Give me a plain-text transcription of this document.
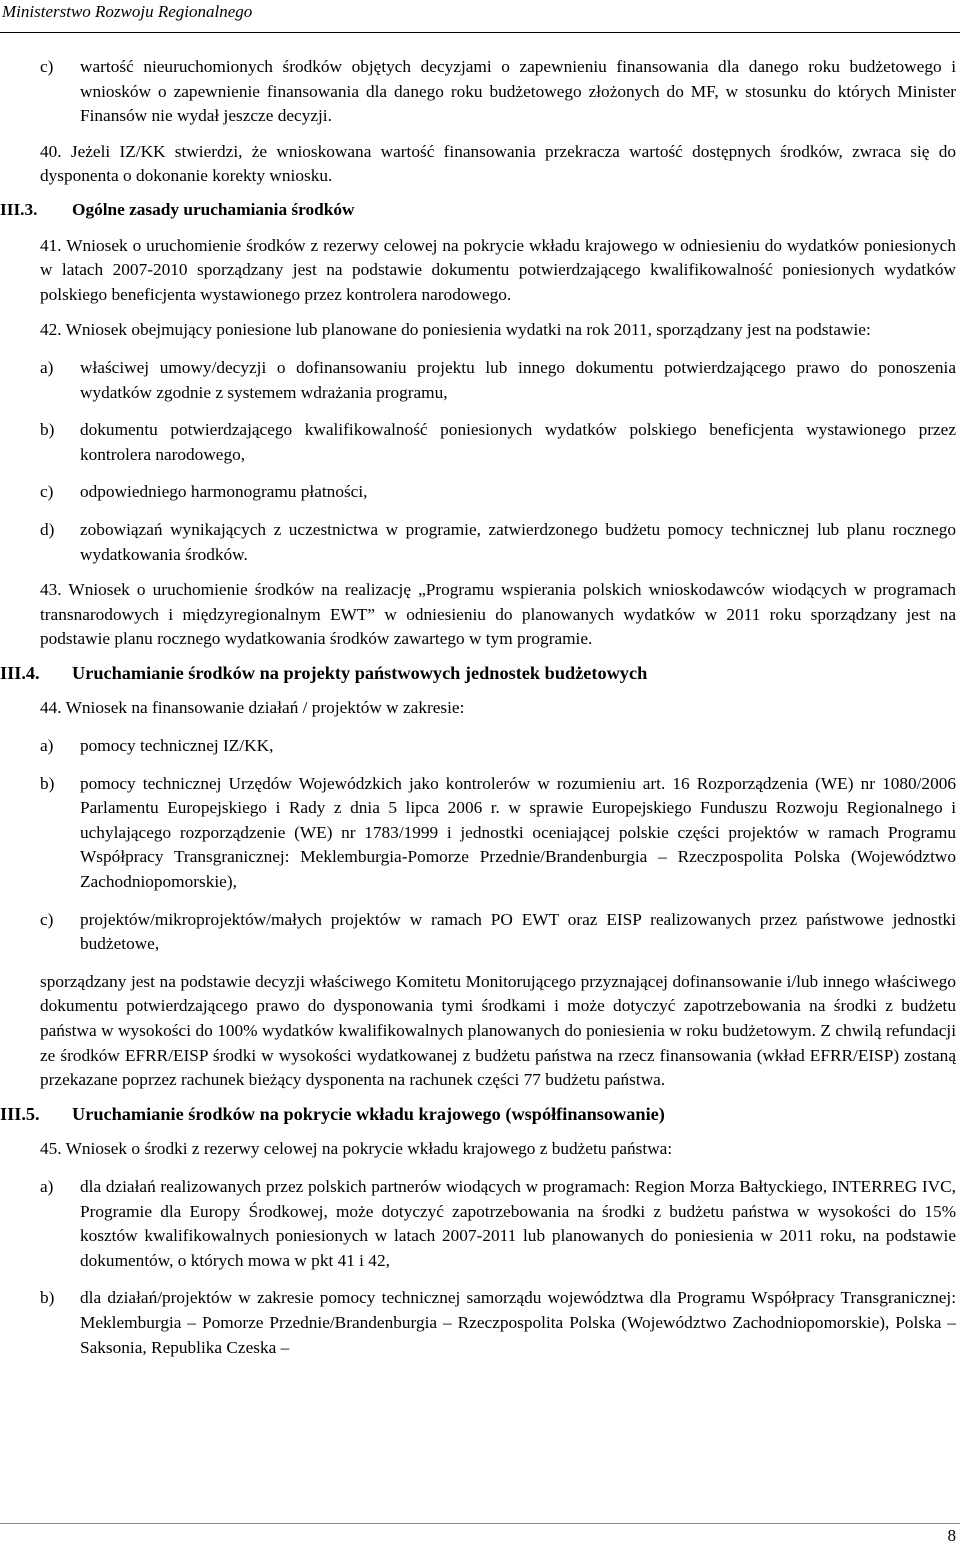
Ministerstwo Rozwoju Regionalnego
c) wartość nieuruchomionych środków objętych decyzjami o zapewnieniu finansowania dla danego roku budżetowego i wniosków o zapewnienie finansowania dla danego roku budżetowego złożonych do MF, w stosunku do których Minister Finansów nie wydał jeszcze decyzji.
40. Jeżeli IZ/KK stwierdzi, że wnioskowana wartość finansowania przekracza wartość dostępnych środków, zwraca się do dysponenta o dokonanie korekty wniosku.
III.3. Ogólne zasady uruchamiania środków
41. Wniosek o uruchomienie środków z rezerwy celowej na pokrycie wkładu krajowego w odniesieniu do wydatków poniesionych w latach 2007-2010 sporządzany jest na podstawie dokumentu potwierdzającego kwalifikowalność poniesionych wydatków polskiego beneficjenta wystawionego przez kontrolera narodowego.
42. Wniosek obejmujący poniesione lub planowane do poniesienia wydatki na rok 2011, sporządzany jest na podstawie:
a) właściwej umowy/decyzji o dofinansowaniu projektu lub innego dokumentu potwierdzającego prawo do ponoszenia wydatków zgodnie z systemem wdrażania programu,
b) dokumentu potwierdzającego kwalifikowalność poniesionych wydatków polskiego beneficjenta wystawionego przez kontrolera narodowego,
c) odpowiedniego harmonogramu płatności,
d) zobowiązań wynikających z uczestnictwa w programie, zatwierdzonego budżetu pomocy technicznej lub planu rocznego wydatkowania środków.
43. Wniosek o uruchomienie środków na realizację „Programu wspierania polskich wnioskodawców wiodących w programach transnarodowych i międzyregionalnym EWT” w odniesieniu do planowanych wydatków w 2011 roku sporządzany jest na podstawie planu rocznego wydatkowania środków zawartego w tym programie.
III.4. Uruchamianie środków na projekty państwowych jednostek budżetowych
44. Wniosek na finansowanie działań / projektów w zakresie:
a) pomocy technicznej IZ/KK,
b) pomocy technicznej Urzędów Wojewódzkich jako kontrolerów w rozumieniu art. 16 Rozporządzenia (WE) nr 1080/2006 Parlamentu Europejskiego i Rady z dnia 5 lipca 2006 r. w sprawie Europejskiego Funduszu Rozwoju Regionalnego i uchylającego rozporządzenie (WE) nr 1783/1999 i jednostki oceniającej polskie części projektów w ramach Programu Współpracy Transgranicznej: Meklemburgia-Pomorze Przednie/Brandenburgia – Rzeczpospolita Polska (Województwo Zachodniopomorskie),
c) projektów/mikroprojektów/małych projektów w ramach PO EWT oraz EISP realizowanych przez państwowe jednostki budżetowe,
sporządzany jest na podstawie decyzji właściwego Komitetu Monitorującego przyznającej dofinansowanie i/lub innego właściwego dokumentu potwierdzającego prawo do dysponowania tymi środkami i może dotyczyć zapotrzebowania na środki z budżetu państwa w wysokości do 100% wydatków kwalifikowalnych planowanych do poniesienia w roku budżetowym. Z chwilą refundacji ze środków EFRR/EISP środki w wysokości wydatkowanej z budżetu państwa na rzecz finansowania (wkład EFRR/EISP) zostaną przekazane poprzez rachunek bieżący dysponenta na rachunek części 77 budżetu państwa.
III.5. Uruchamianie środków na pokrycie wkładu krajowego (współfinansowanie)
45. Wniosek o środki z rezerwy celowej na pokrycie wkładu krajowego z budżetu państwa:
a) dla działań realizowanych przez polskich partnerów wiodących w programach: Region Morza Bałtyckiego, INTERREG IVC, Programie dla Europy Środkowej, może dotyczyć zapotrzebowania na środki z budżetu państwa w wysokości do 15% kosztów kwalifikowalnych poniesionych w latach 2007-2011 lub planowanych do poniesienia w 2011 roku, na podstawie dokumentów, o których mowa w pkt 41 i 42,
b) dla działań/projektów w zakresie pomocy technicznej samorządu województwa dla Programu Współpracy Transgranicznej: Meklemburgia – Pomorze Przednie/Brandenburgia – Rzeczpospolita Polska (Województwo Zachodniopomorskie), Polska – Saksonia, Republika Czeska –
8
